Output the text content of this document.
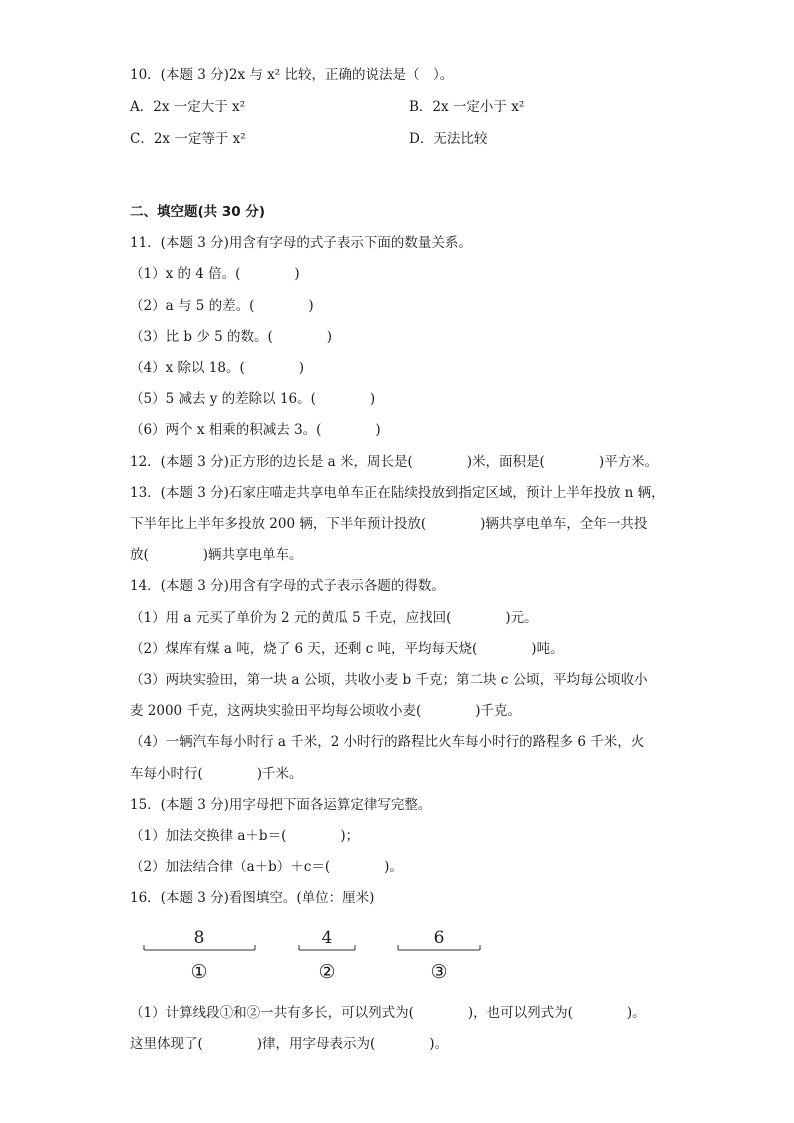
10．(本题 3 分)2x 与 x² 比较，正确的说法是（　）。
A．2x 一定大于 x²	B．2x 一定小于 x²
C．2x 一定等于 x²	D．无法比较
二、填空题(共 30 分)
11．(本题 3 分)用含有字母的式子表示下面的数量关系。
（1）x 的 4 倍。(　　　　)
（2）a 与 5 的差。(　　　　)
（3）比 b 少 5 的数。(　　　　)
（4）x 除以 18。(　　　　)
（5）5 减去 y 的差除以 16。(　　　　)
（6）两个 x 相乘的积减去 3。(　　　　)
12．(本题 3 分)正方形的边长是 a 米，周长是(　　　　)米，面积是(　　　　)平方米。
13．(本题 3 分)石家庄喵走共享电单车正在陆续投放到指定区域，预计上半年投放 n 辆，
下半年比上半年多投放 200 辆，下半年预计投放(　　　　)辆共享电单车，全年一共投
放(　　　　)辆共享电单车。
14．(本题 3 分)用含有字母的式子表示各题的得数。
（1）用 a 元买了单价为 2 元的黄瓜 5 千克，应找回(　　　　)元。
（2）煤库有煤 a 吨，烧了 6 天，还剩 c 吨，平均每天烧(　　　　)吨。
（3）两块实验田，第一块 a 公顷，共收小麦 b 千克；第二块 c 公顷，平均每公顷收小
麦 2000 千克，这两块实验田平均每公顷收小麦(　　　　)千克。
（4）一辆汽车每小时行 a 千米，2 小时行的路程比火车每小时行的路程多 6 千米，火
车每小时行(　　　　)千米。
15．(本题 3 分)用字母把下面各运算定律写完整。
（1）加法交换律 a＋b＝(　　　　)；
（2）加法结合律（a＋b）＋c＝(　　　　)。
16．(本题 3 分)看图填空。(单位：厘米)
8
①
4
②
6
③
（1）计算线段①和②一共有多长，可以列式为(　　　　)，也可以列式为(　　　　)。
这里体现了(　　　　)律，用字母表示为(　　　　)。
